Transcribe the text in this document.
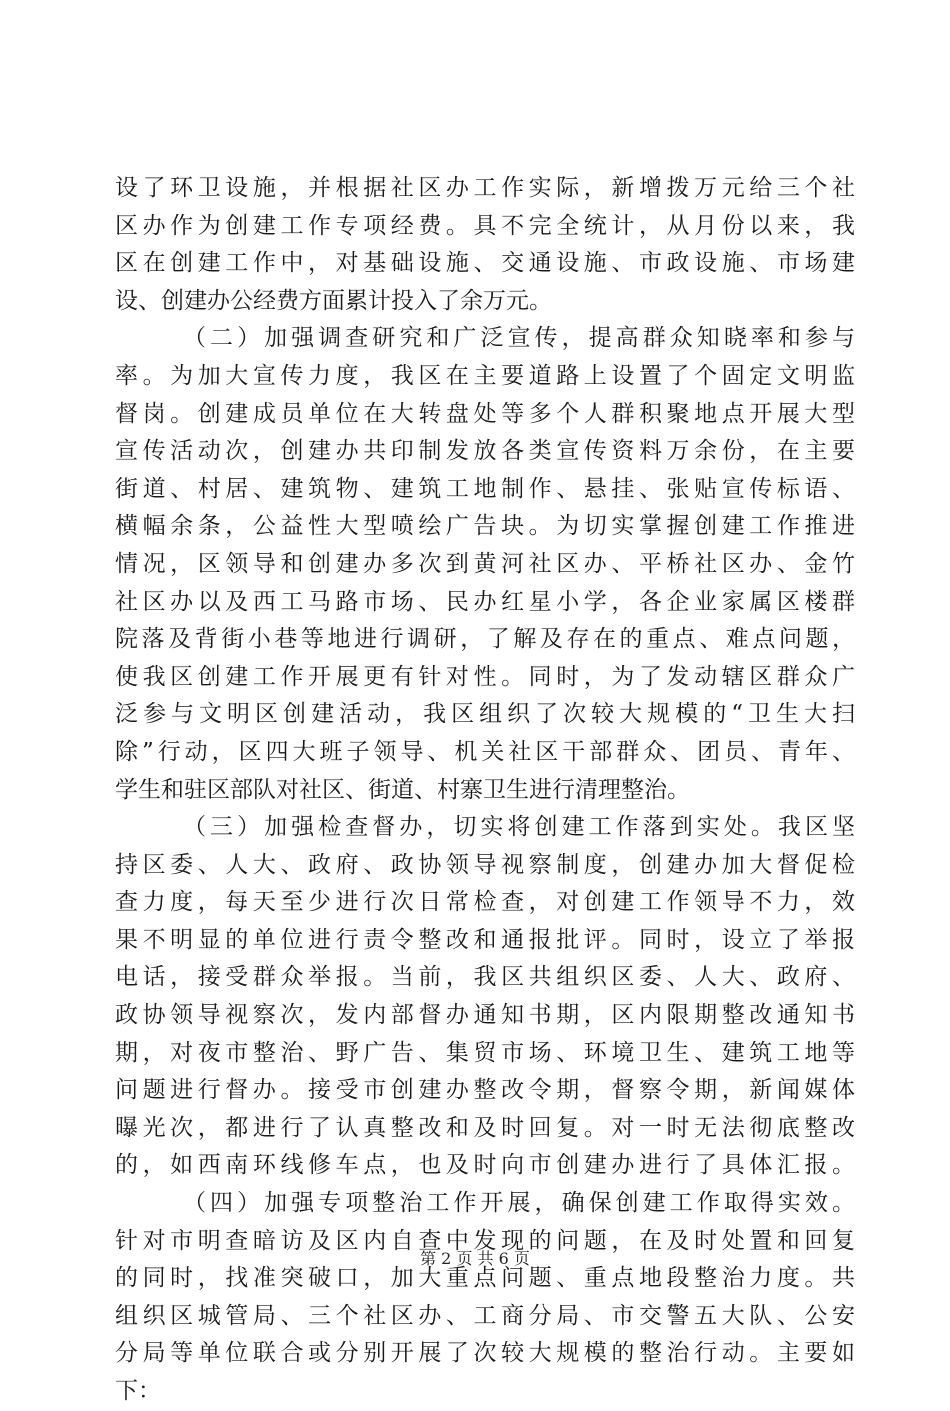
设了环卫设施，并根据社区办工作实际，新增拨万元给三个社
区办作为创建工作专项经费。具不完全统计，从月份以来，我
区在创建工作中，对基础设施、交通设施、市政设施、市场建
设、创建办公经费方面累计投入了余万元。
（二）加强调查研究和广泛宣传，提高群众知晓率和参与
率。为加大宣传力度，我区在主要道路上设置了个固定文明监
督岗。创建成员单位在大转盘处等多个人群积聚地点开展大型
宣传活动次，创建办共印制发放各类宣传资料万余份，在主要
街道、村居、建筑物、建筑工地制作、悬挂、张贴宣传标语、
横幅余条，公益性大型喷绘广告块。为切实掌握创建工作推进
情况，区领导和创建办多次到黄河社区办、平桥社区办、金竹
社区办以及西工马路市场、民办红星小学，各企业家属区楼群
院落及背街小巷等地进行调研，了解及存在的重点、难点问题，
使我区创建工作开展更有针对性。同时，为了发动辖区群众广
泛参与文明区创建活动，我区组织了次较大规模的“卫生大扫
除”行动，区四大班子领导、机关社区干部群众、团员、青年、
学生和驻区部队对社区、街道、村寨卫生进行清理整治。
（三）加强检查督办，切实将创建工作落到实处。我区坚
持区委、人大、政府、政协领导视察制度，创建办加大督促检
查力度，每天至少进行次日常检查，对创建工作领导不力，效
果不明显的单位进行责令整改和通报批评。同时，设立了举报
电话，接受群众举报。当前，我区共组织区委、人大、政府、
政协领导视察次，发内部督办通知书期，区内限期整改通知书
期，对夜市整治、野广告、集贸市场、环境卫生、建筑工地等
问题进行督办。接受市创建办整改令期，督察令期，新闻媒体
曝光次，都进行了认真整改和及时回复。对一时无法彻底整改
的，如西南环线修车点，也及时向市创建办进行了具体汇报。
（四）加强专项整治工作开展，确保创建工作取得实效。
针对市明查暗访及区内自查中发现的问题，在及时处置和回复
的同时，找准突破口，加大重点问题、重点地段整治力度。共
组织区城管局、三个社区办、工商分局、市交警五大队、公安
分局等单位联合或分别开展了次较大规模的整治行动。主要如
下：
第 2 页 共 6 页
